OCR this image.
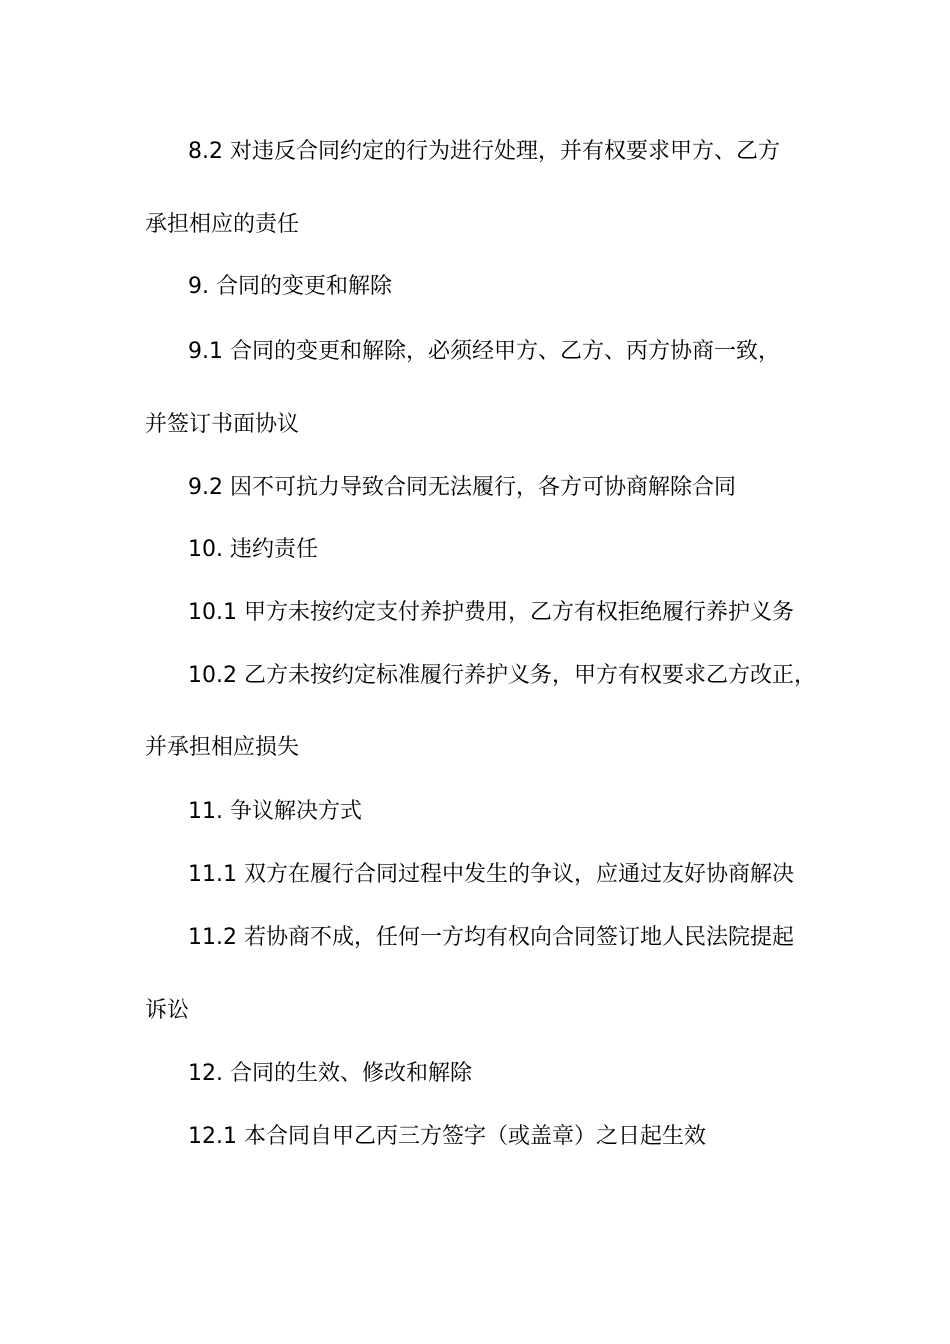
8.2 对违反合同约定的行为进行处理，并有权要求甲方、乙方
承担相应的责任
9. 合同的变更和解除
9.1 合同的变更和解除，必须经甲方、乙方、丙方协商一致，
并签订书面协议
9.2 因不可抗力导致合同无法履行，各方可协商解除合同
10. 违约责任
10.1 甲方未按约定支付养护费用，乙方有权拒绝履行养护义务
10.2 乙方未按约定标准履行养护义务，甲方有权要求乙方改正，
并承担相应损失
11. 争议解决方式
11.1 双方在履行合同过程中发生的争议，应通过友好协商解决
11.2 若协商不成，任何一方均有权向合同签订地人民法院提起
诉讼
12. 合同的生效、修改和解除
12.1 本合同自甲乙丙三方签字（或盖章）之日起生效
